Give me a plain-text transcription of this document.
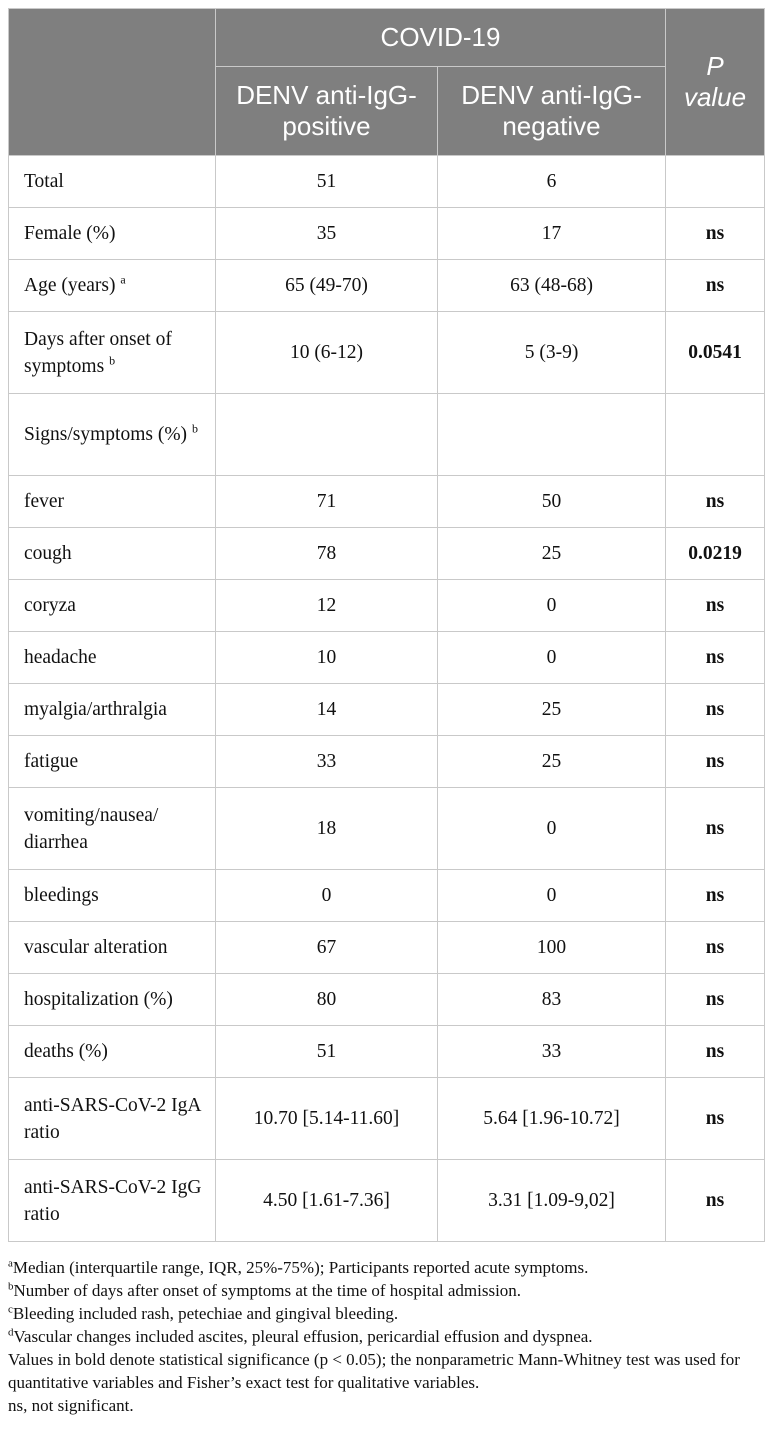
	COVID-19		P
value
	DENV anti-IgG-positive	DENV anti-IgG-negative	
Total	51	6	
Female (%)	35	17	ns
Age (years) $^a$	65 (49-70)	63 (48-68)	ns
Days after onset of symptoms $^b$	10 (6-12)	5 (3-9)	0.0541
Signs/symptoms (%) $^b$			
fever	71	50	ns
cough	78	25	0.0219
coryza	12	0	ns
headache	10	0	ns
myalgia/arthralgia	14	25	ns
fatigue	33	25	ns
vomiting/nausea/ diarrhea	18	0	ns
bleedings	0	0	ns
vascular alteration	67	100	ns
hospitalization (%)	80	83	ns
deaths (%)	51	33	ns
anti-SARS-CoV-2 IgA ratio	10.70 [5.14-11.60]	5.64 [1.96-10.72]	ns
anti-SARS-CoV-2 IgG ratio	4.50 [1.61-7.36]	3.31 [1.09-9,02]	ns

$^a$Median (interquartile range, IQR, 25%-75%); Participants reported acute symptoms.

$^b$Number of days after onset of symptoms at the time of hospital admission.

$^c$Bleeding included rash, petechiae and gingival bleeding.

$^d$Vascular changes included ascites, pleural effusion, pericardial effusion and dyspnea.

Values in bold denote statistical significance (p < 0.05); the nonparametric Mann-Whitney test was used for quantitative variables and Fisher’s exact test for qualitative variables.

ns, not significant.
